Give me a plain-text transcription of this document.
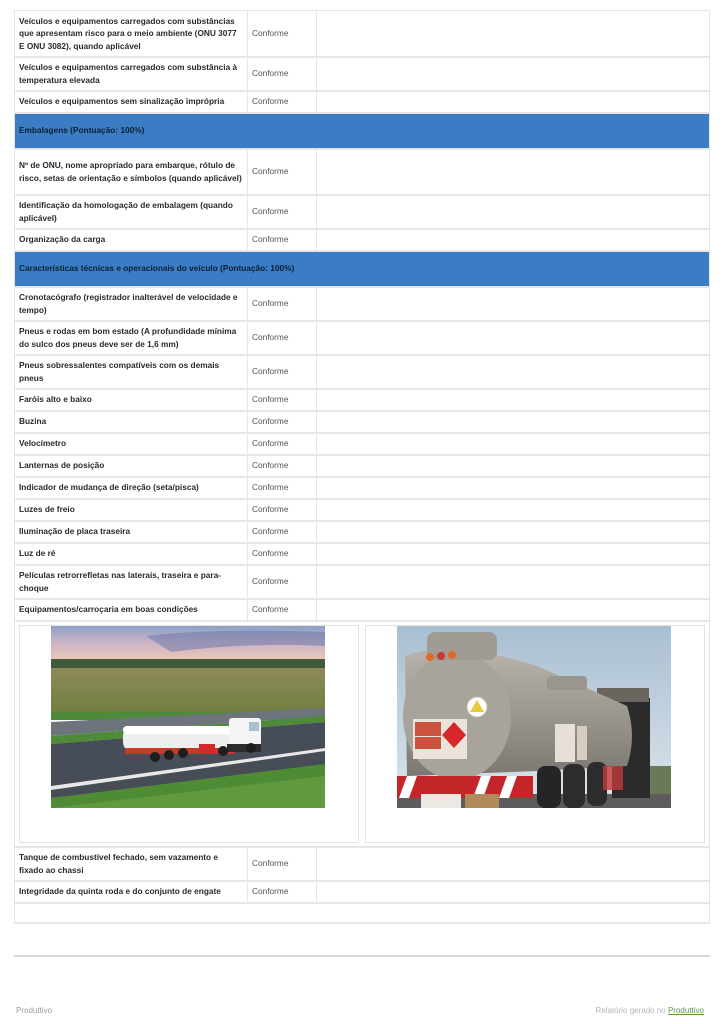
Veículos e equipamentos carregados com substâncias que apresentam risco para o meio ambiente (ONU 3077 E ONU 3082), quando aplicável	Conforme	
Veículos e equipamentos carregados com substância à temperatura elevada	Conforme	
Veículos e equipamentos sem sinalização imprópria	Conforme	
Embalagens (Pontuação: 100%)		
Nº de ONU, nome apropriado para embarque, rótulo de risco, setas de orientação e símbolos (quando aplicável)	Conforme	
Identificação da homologação de embalagem (quando aplicável)	Conforme	
Organização da carga	Conforme	
Características técnicas e operacionais do veículo (Pontuação: 100%)		
Cronotacógrafo (registrador inalterável de velocidade e tempo)	Conforme	
Pneus e rodas em bom estado (A profundidade mínima do sulco dos pneus deve ser de 1,6 mm)	Conforme	
Pneus sobressalentes compatíveis com os demais pneus	Conforme	
Faróis alto e baixo	Conforme	
Buzina	Conforme	
Velocímetro	Conforme	
Lanternas de posição	Conforme	
Indicador de mudança de direção (seta/pisca)	Conforme	
Luzes de freio	Conforme	
Iluminação de placa traseira	Conforme	
Luz de ré	Conforme	
Películas retrorrefletas nas laterais, traseira e para-choque	Conforme	
Equipamentos/carroçaria em boas condições	Conforme	

Tanque de combustível fechado, sem vazamento e fixado ao chassi	Conforme	
Integridade da quinta roda e do conjunto de engate	Conforme	

Produttivo	Relatório gerado no Produttivo
